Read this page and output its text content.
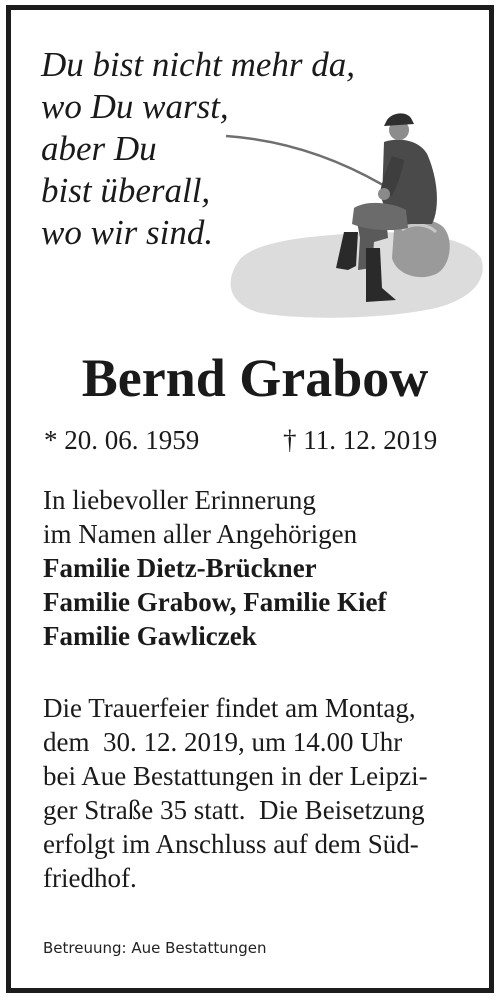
Du bist nicht mehr da,
wo Du warst,
aber Du
bist überall,
wo wir sind.
Bernd Grabow
* 20. 06. 1959	† 11. 12. 2019
In liebevoller Erinnerung
im Namen aller Angehörigen
Familie Dietz-Brückner
Familie Grabow, Familie Kief
Familie Gawliczek
Die Trauerfeier findet am Montag,
dem  30. 12. 2019, um 14.00 Uhr
bei Aue Bestattungen in der Leipzi-
ger Straße 35 statt.  Die Beisetzung
erfolgt im Anschluss auf dem Süd-
friedhof.
Betreuung: Aue Bestattungen
